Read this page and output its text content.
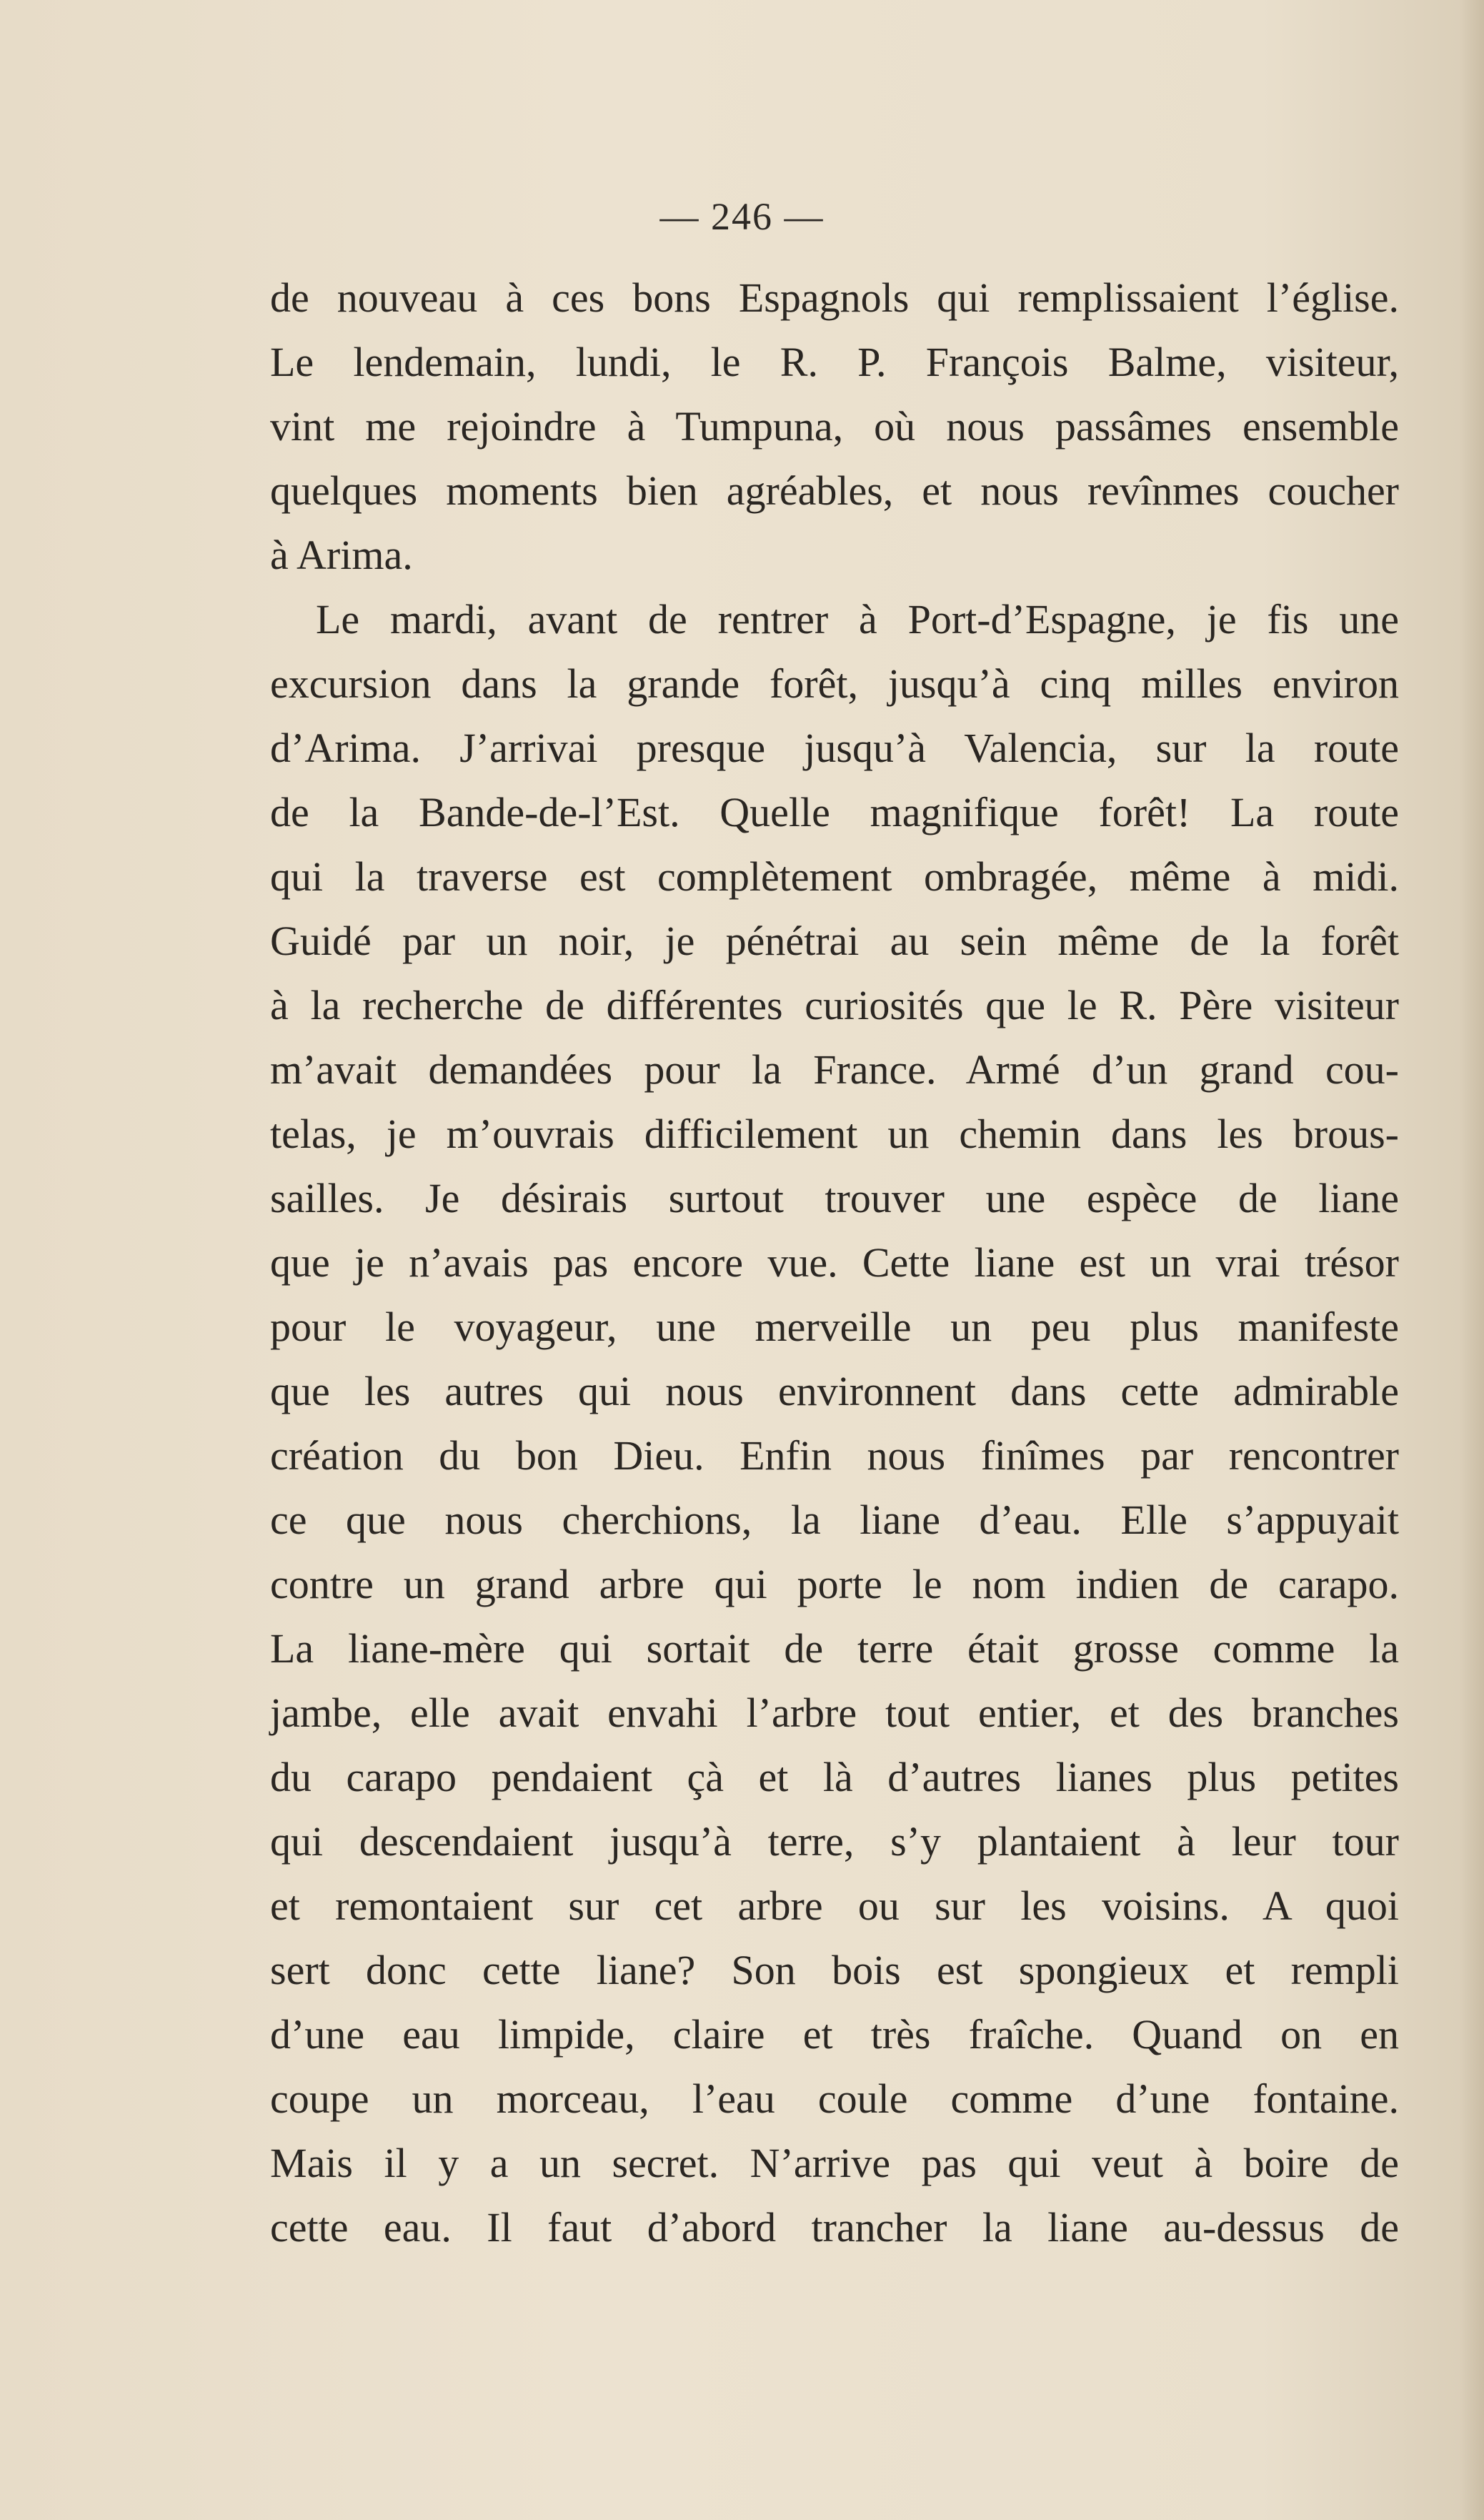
— 246 —
de nouveau à ces bons Espagnols qui remplissaient l’église.
Le lendemain, lundi, le R. P. François Balme, visiteur,
vint me rejoindre à Tumpuna, où nous passâmes ensemble
quelques moments bien agréables, et nous revînmes coucher
à Arima.
Le mardi, avant de rentrer à Port-d’Espagne, je fis une
excursion dans la grande forêt, jusqu’à cinq milles environ
d’Arima. J’arrivai presque jusqu’à Valencia, sur la route
de la Bande-de-l’Est. Quelle magnifique forêt! La route
qui la traverse est complètement ombragée, même à midi.
Guidé par un noir, je pénétrai au sein même de la forêt
à la recherche de différentes curiosités que le R. Père visiteur
m’avait demandées pour la France. Armé d’un grand cou-
telas, je m’ouvrais difficilement un chemin dans les brous-
sailles. Je désirais surtout trouver une espèce de liane
que je n’avais pas encore vue. Cette liane est un vrai trésor
pour le voyageur, une merveille un peu plus manifeste
que les autres qui nous environnent dans cette admirable
création du bon Dieu. Enfin nous finîmes par rencontrer
ce que nous cherchions, la liane d’eau. Elle s’appuyait
contre un grand arbre qui porte le nom indien de carapo.
La liane-mère qui sortait de terre était grosse comme la
jambe, elle avait envahi l’arbre tout entier, et des branches
du carapo pendaient çà et là d’autres lianes plus petites
qui descendaient jusqu’à terre, s’y plantaient à leur tour
et remontaient sur cet arbre ou sur les voisins. A quoi
sert donc cette liane? Son bois est spongieux et rempli
d’une eau limpide, claire et très fraîche. Quand on en
coupe un morceau, l’eau coule comme d’une fontaine.
Mais il y a un secret. N’arrive pas qui veut à boire de
cette eau. Il faut d’abord trancher la liane au-dessus de
